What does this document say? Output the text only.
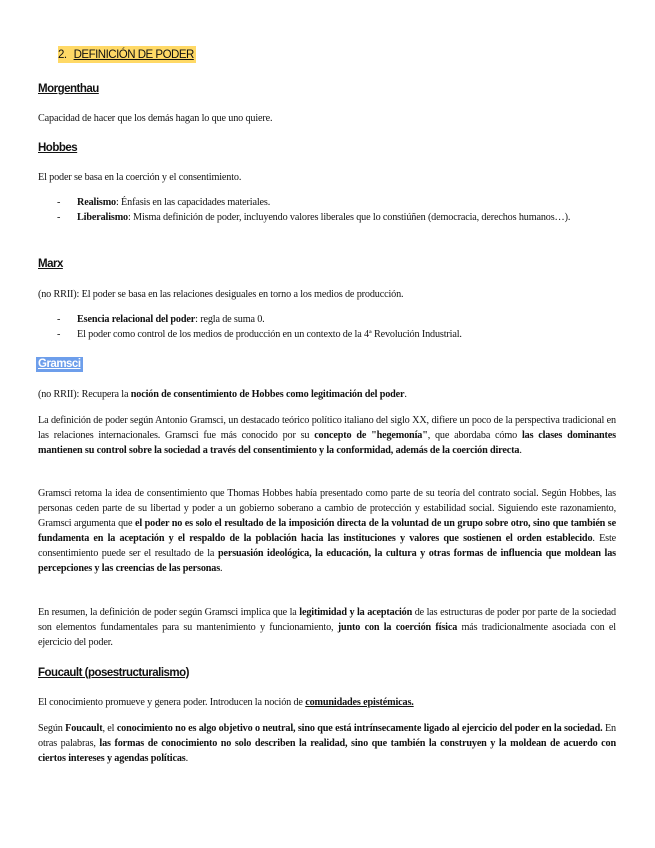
2. DEFINICIÓN DE PODER
Morgenthau

Capacidad de hacer que los demás hagan lo que uno quiere.

Hobbes

El poder se basa en la coerción y el consentimiento.

- Realismo: Énfasis en las capacidades materiales.
- Liberalismo: Misma definición de poder, incluyendo valores liberales que lo constiúñen (democracia, derechos humanos…).
Marx

(no RRII): El poder se basa en las relaciones desiguales en torno a los medios de producción.

- Esencia relacional del poder: regla de suma 0.
- El poder como control de los medios de producción en un contexto de la 4ª Revolución Industrial.
Gramsci

(no RRII): Recupera la noción de consentimiento de Hobbes como legitimación del poder.

La definición de poder según Antonio Gramsci, un destacado teórico político italiano del siglo XX, difiere un poco de la perspectiva tradicional en las relaciones internacionales. Gramsci fue más conocido por su concepto de "hegemonía", que abordaba cómo las clases dominantes mantienen su control sobre la sociedad a través del consentimiento y la conformidad, además de la coerción directa.

Gramsci retoma la idea de consentimiento que Thomas Hobbes había presentado como parte de su teoría del contrato social. Según Hobbes, las personas ceden parte de su libertad y poder a un gobierno soberano a cambio de protección y estabilidad social. Siguiendo este razonamiento, Gramsci argumenta que el poder no es solo el resultado de la imposición directa de la voluntad de un grupo sobre otro, sino que también se fundamenta en la aceptación y el respaldo de la población hacia las instituciones y valores que sostienen el orden establecido. Este consentimiento puede ser el resultado de la persuasión ideológica, la educación, la cultura y otras formas de influencia que moldean las percepciones y las creencias de las personas.

En resumen, la definición de poder según Gramsci implica que la legitimidad y la aceptación de las estructuras de poder por parte de la sociedad son elementos fundamentales para su mantenimiento y funcionamiento, junto con la coerción física más tradicionalmente asociada con el ejercicio del poder.

Foucault (posestructuralismo)

El conocimiento promueve y genera poder. Introducen la noción de comunidades epistémicas.

Según Foucault, el conocimiento no es algo objetivo o neutral, sino que está intrínsecamente ligado al ejercicio del poder en la sociedad. En otras palabras, las formas de conocimiento no solo describen la realidad, sino que también la construyen y la moldean de acuerdo con ciertos intereses y agendas políticas.
